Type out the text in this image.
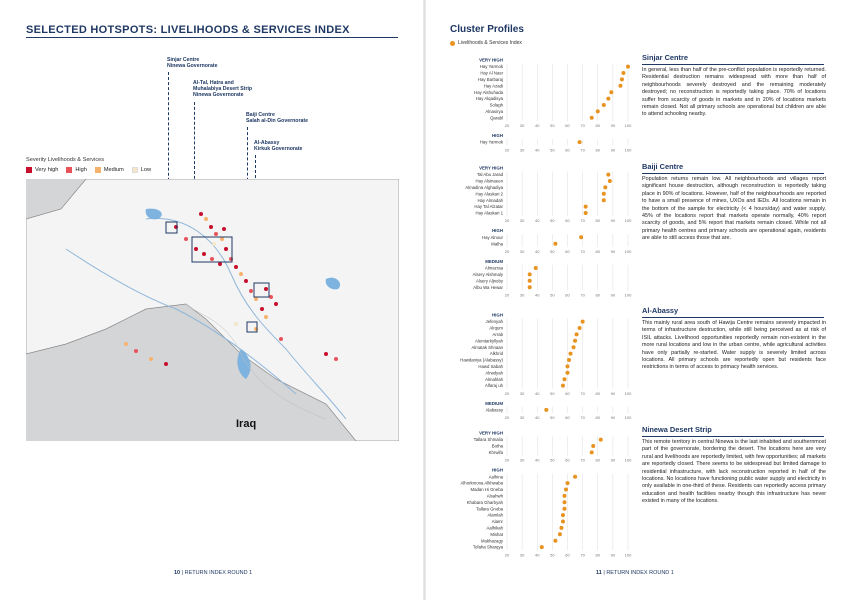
SELECTED HOTSPOTS: LIVELIHOODS & SERVICES INDEX
Sinjar Centre
Ninewa Governorate
Al-Tal, Hatra and
Muhalabiya Desert Strip
Ninewa Governorate
Baiji Centre
Salah al-Din Governorate
Al-Abassy
Kirkuk Governorate
Severity Livelihoods & Services
Very high	High	Medium	Low
Iraq
10 | RETURN INDEX ROUND 1
Cluster Profiles
Livelihoods & Services Index
VERY HIGH
Hay Yarmok
Hay Al Nasr
Hay Barbaraj
Hay Azadi
Hay Alshuhada
Hay Alqadisya
Solagh
Alnasirya
Qarabl
20	30	40	50	60	70	80	90 100
HIGH
Hay Yarmok
20	30	40	50	60	70	80	90 100
VERY HIGH
Tal Abu Jarad
Hay Alsinaeen
Almadina Alghadiya
Hay Alaskari 2
Hay Almadah
Hay Tal Alzatar
Hay Alaskari 1
20	30	40	50	60	70	80	90 100
HIGH
Hay Alnour
Malha
20	30	40	50	60	70	80	90 100
MEDIUM
Almazraa
Alsery Alshmaly
Alsery Aljnoby
Albu Wa Hewar
20	30	40	50	60	70	80	90 100
HIGH
Jefenyah
Alrqum
Arrab
Alemtarkyllyah
Almatak Shnaan
Alkhrid
Hawdaniya (Alabassy)
Hawd Sabah
Alrwdyah
Almahlah
Alfaraj uh
20	30	40	50	60	70	80	90 100
MEDIUM
Alabassy
20	30	40	50	60	70	80	90 100
VERY HIGH
Tallara Shmalia
Botha
Khrwifa
20	30	40	50	60	70	80	90 100
HIGH
Aalhina
Alhorkmona Alkhwaba
Madan Hi Gneba
Alsahwh
Khabara Gharbyah
Tallara Gnoba
Alamlah
Alamr
Aalhikah
Mishat
Mukhazagy
Tofaha Sharqya
20	30	40	50	60	70	80	90 100
Sinjar Centre
In general, less than half of the pre-conflict population is reportedly returned. Residential destruction remains widespread with more than half of neighbourhoods severely destroyed and the remaining moderately destroyed; no reconstruction is reportedly taking place. 70% of locations suffer from scarcity of goods in markets and in 20% of locations markets remain closed. Not all primary schools are operational but children are able to attend schooling nearby.
Baiji Centre
Population returns remain low. All neighbourhoods and villages report significant house destruction, although reconstruction is reportedly taking place in 90% of locations. However, half of the neighbourhoods are reported to have a small presence of mines, UXOs and IEDs. All locations remain in the bottom of the sample for electricity (< 4 hours/day) and water supply. 45% of the locations report that markets operate normally, 40% report scarcity of goods, and 5% report that markets remain closed. While not all primary health centres and primary schools are operational again, residents are able to still access those that are.
Al-Abassy
This mainly rural area south of Hawija Centre remains severely impacted in terms of infrastructure destruction, while still being perceived as at risk of ISIL attacks. Livelihood opportunities reportedly remain non-existent in the more rural locations and low in the urban centre, while agricultural activities have only partially re-started. Water supply is severely limited across locations. All primary schools are reportedly open but residents face restrictions in terms of access to primacy health services.
Ninewa Desert Strip
This remote territory in central Ninewa is the last inhabited and southernmost part of the governorate, bordering the desert. The locations here are very rural and livelihoods are reportedly limited, with few opportunities; all markets are reportedly closed. There seems to be widespread but limited damage to residential infrastructure, with lack reconstruction reported in half of the locations. No locations have functioning public water supply and electricity in only available in one-third of these. Residents can reportedly access primary education and health facilities nearby though this infrastructure has never existed in many of the locations.
11 | RETURN INDEX ROUND 1
